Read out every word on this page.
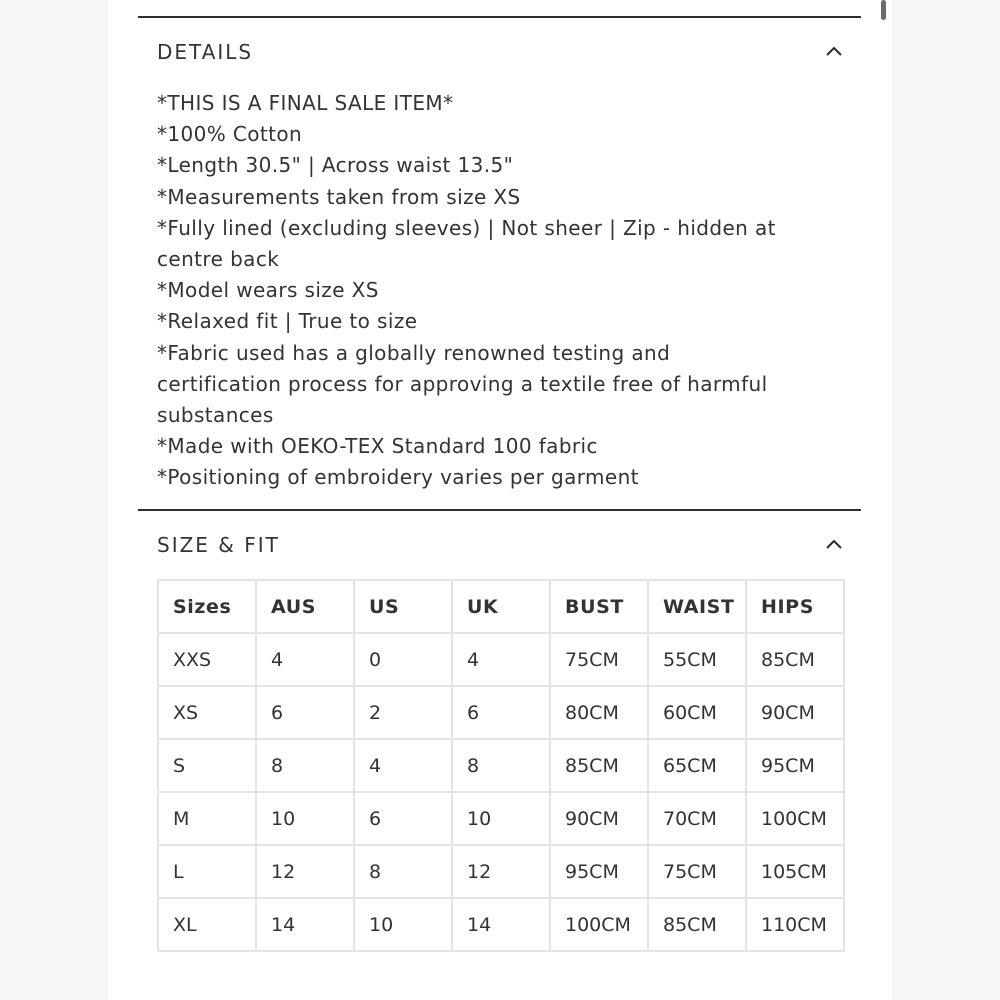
DETAILS
*THIS IS A FINAL SALE ITEM*
*100% Cotton
*Length 30.5" | Across waist 13.5"
*Measurements taken from size XS
*Fully lined (excluding sleeves) | Not sheer | Zip - hidden at
centre back
*Model wears size XS
*Relaxed fit | True to size
*Fabric used has a globally renowned testing and
certification process for approving a textile free of harmful
substances
*Made with OEKO-TEX Standard 100 fabric
*Positioning of embroidery varies per garment
SIZE & FIT
Sizes	AUS	US	UK	BUST	WAIST	HIPS
XXS	4	0	4	75CM	55CM	85CM
XS	6	2	6	80CM	60CM	90CM
S	8	4	8	85CM	65CM	95CM
M	10	6	10	90CM	70CM	100CM
L	12	8	12	95CM	75CM	105CM
XL	14	10	14	100CM	85CM	110CM
